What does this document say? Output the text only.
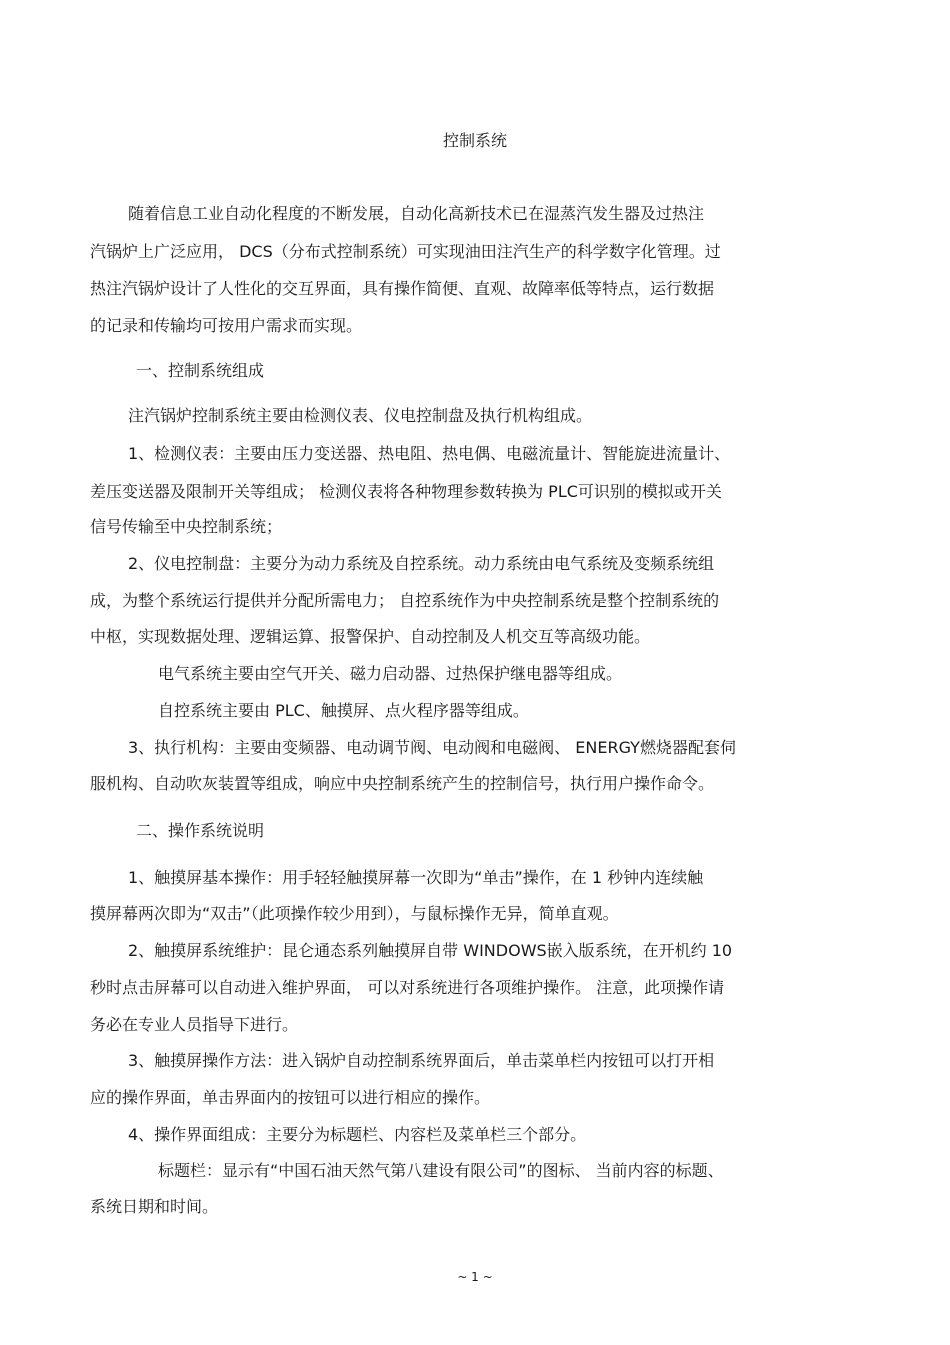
控制系统
随着信息工业自动化程度的不断发展，自动化高新技术已在湿蒸汽发生器及过热注
汽锅炉上广泛应用， DCS（分布式控制系统）可实现油田注汽生产的科学数字化管理。过
热注汽锅炉设计了人性化的交互界面，具有操作简便、直观、故障率低等特点，运行数据
的记录和传输均可按用户需求而实现。
一、控制系统组成
注汽锅炉控制系统主要由检测仪表、仪电控制盘及执行机构组成。
1、检测仪表：主要由压力变送器、热电阻、热电偶、电磁流量计、智能旋进流量计、
差压变送器及限制开关等组成； 检测仪表将各种物理参数转换为 PLC可识别的模拟或开关
信号传输至中央控制系统；
2、仪电控制盘：主要分为动力系统及自控系统。动力系统由电气系统及变频系统组
成，为整个系统运行提供并分配所需电力； 自控系统作为中央控制系统是整个控制系统的
中枢，实现数据处理、逻辑运算、报警保护、自动控制及人机交互等高级功能。
电气系统主要由空气开关、磁力启动器、过热保护继电器等组成。
自控系统主要由 PLC、触摸屏、点火程序器等组成。
3、执行机构：主要由变频器、电动调节阀、电动阀和电磁阀、 ENERGY燃烧器配套伺
服机构、自动吹灰装置等组成，响应中央控制系统产生的控制信号，执行用户操作命令。
二、操作系统说明
1、触摸屏基本操作：用手轻轻触摸屏幕一次即为“单击”操作，在 1 秒钟内连续触
摸屏幕两次即为“双击”（此项操作较少用到），与鼠标操作无异，简单直观。
2、触摸屏系统维护：昆仑通态系列触摸屏自带 WINDOWS嵌入版系统，在开机约 10
秒时点击屏幕可以自动进入维护界面， 可以对系统进行各项维护操作。 注意，此项操作请
务必在专业人员指导下进行。
3、触摸屏操作方法：进入锅炉自动控制系统界面后，单击菜单栏内按钮可以打开相
应的操作界面，单击界面内的按钮可以进行相应的操作。
4、操作界面组成：主要分为标题栏、内容栏及菜单栏三个部分。
标题栏：显示有“中国石油天然气第八建设有限公司”的图标、 当前内容的标题、
系统日期和时间。
~ 1 ~
